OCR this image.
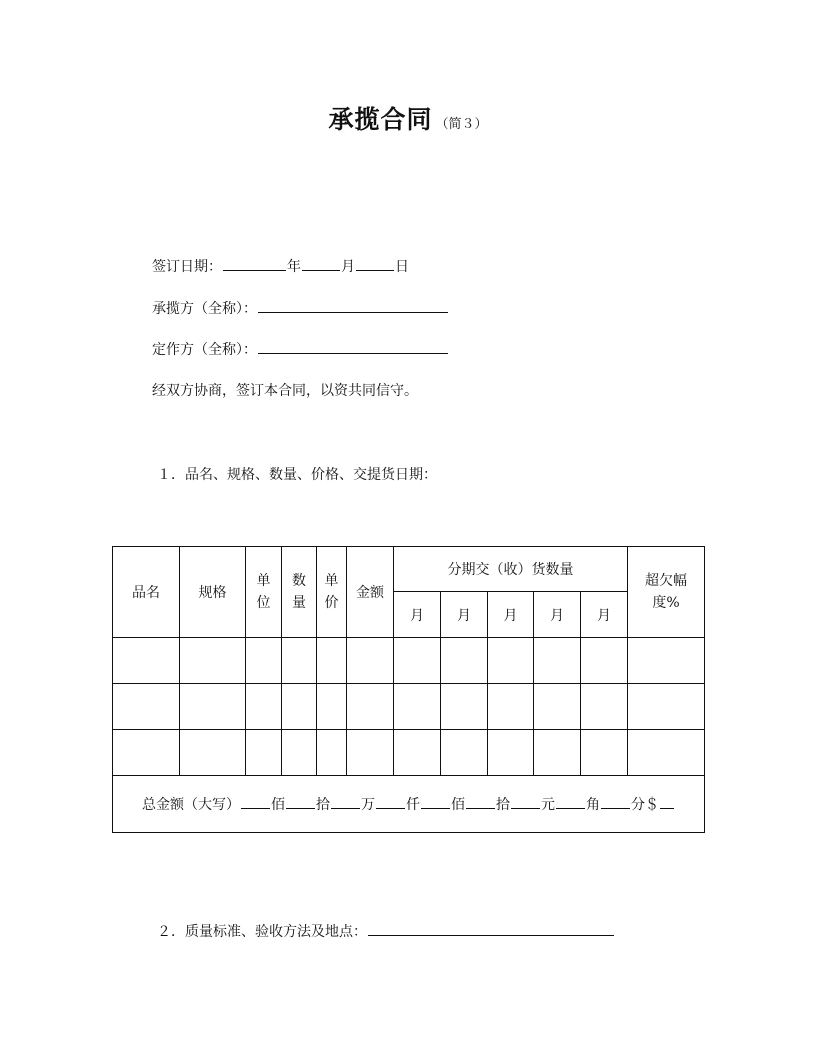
承揽合同 （简３）
签订日期：	年	月	日
承揽方（全称）：
定作方（全称）：
经双方协商，签订本合同，以资共同信守。
１．品名、规格、数量、价格、交提货日期：
品名	规格	单位	数量	单价	金额	分期交（收）货数量					超欠幅度%
						月	月	月	月	月	

总金额（大写） 佰 拾 万 仟 佰 拾 元 角 分＄											
２．质量标准、验收方法及地点：
